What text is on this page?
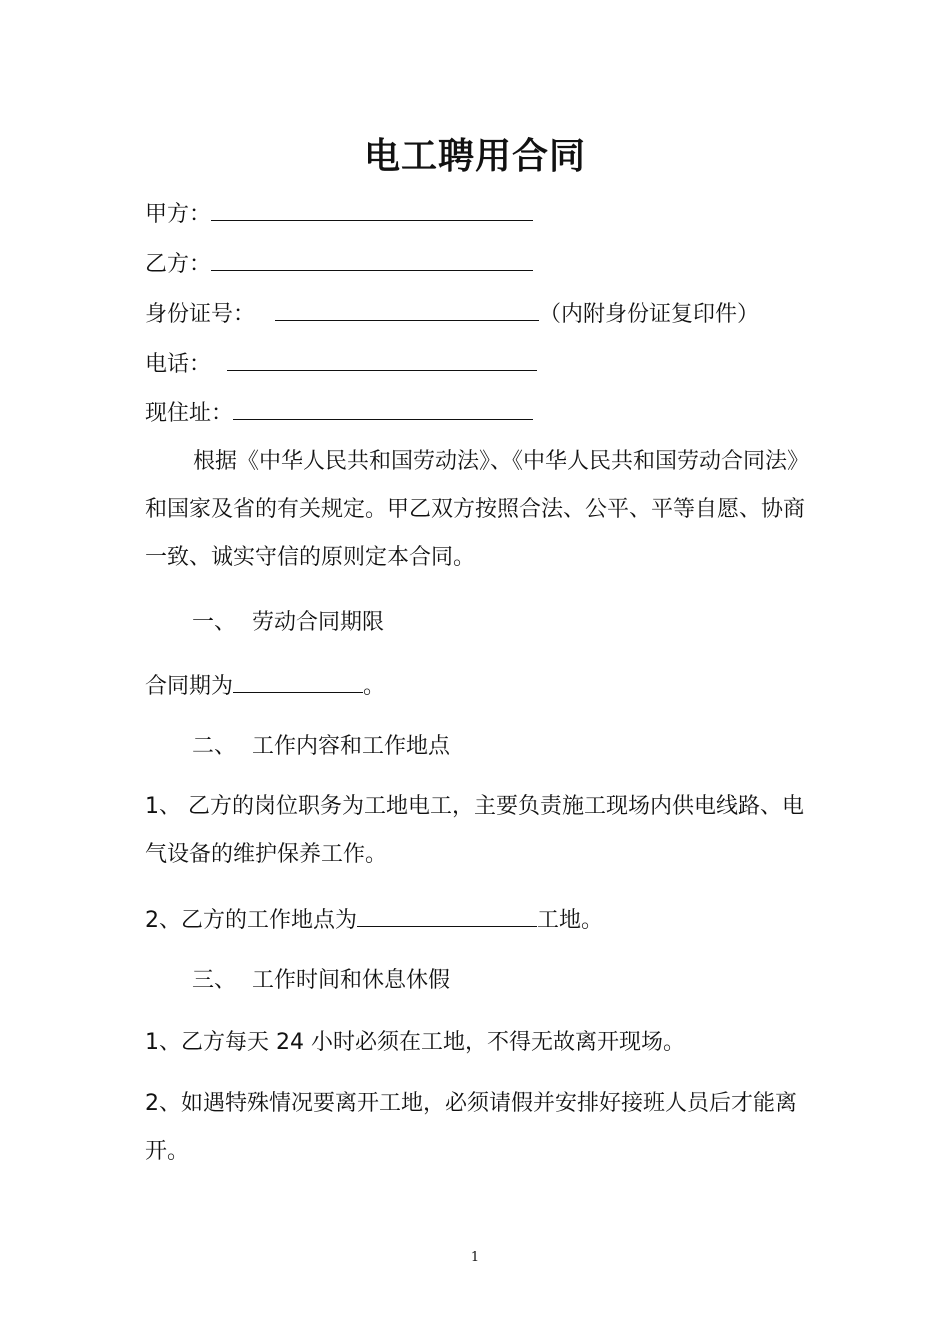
电工聘用合同
甲方：
乙方：
身份证号：	（内附身份证复印件）
电话：
现住址：
根据《中华人民共和国劳动法》、《中华人民共和国劳动合同法》和国家及省的有关规定。甲乙双方按照合法、公平、平等自愿、协商一致、诚实守信的原则定本合同。
一、 劳动合同期限
合同期为	。
二、 工作内容和工作地点
1、 乙方的岗位职务为工地电工，主要负责施工现场内供电线路、电气设备的维护保养工作。
2、乙方的工作地点为	工地。
三、 工作时间和休息休假
1、乙方每天 24 小时必须在工地，不得无故离开现场。
2、如遇特殊情况要离开工地，必须请假并安排好接班人员后才能离开。
1
